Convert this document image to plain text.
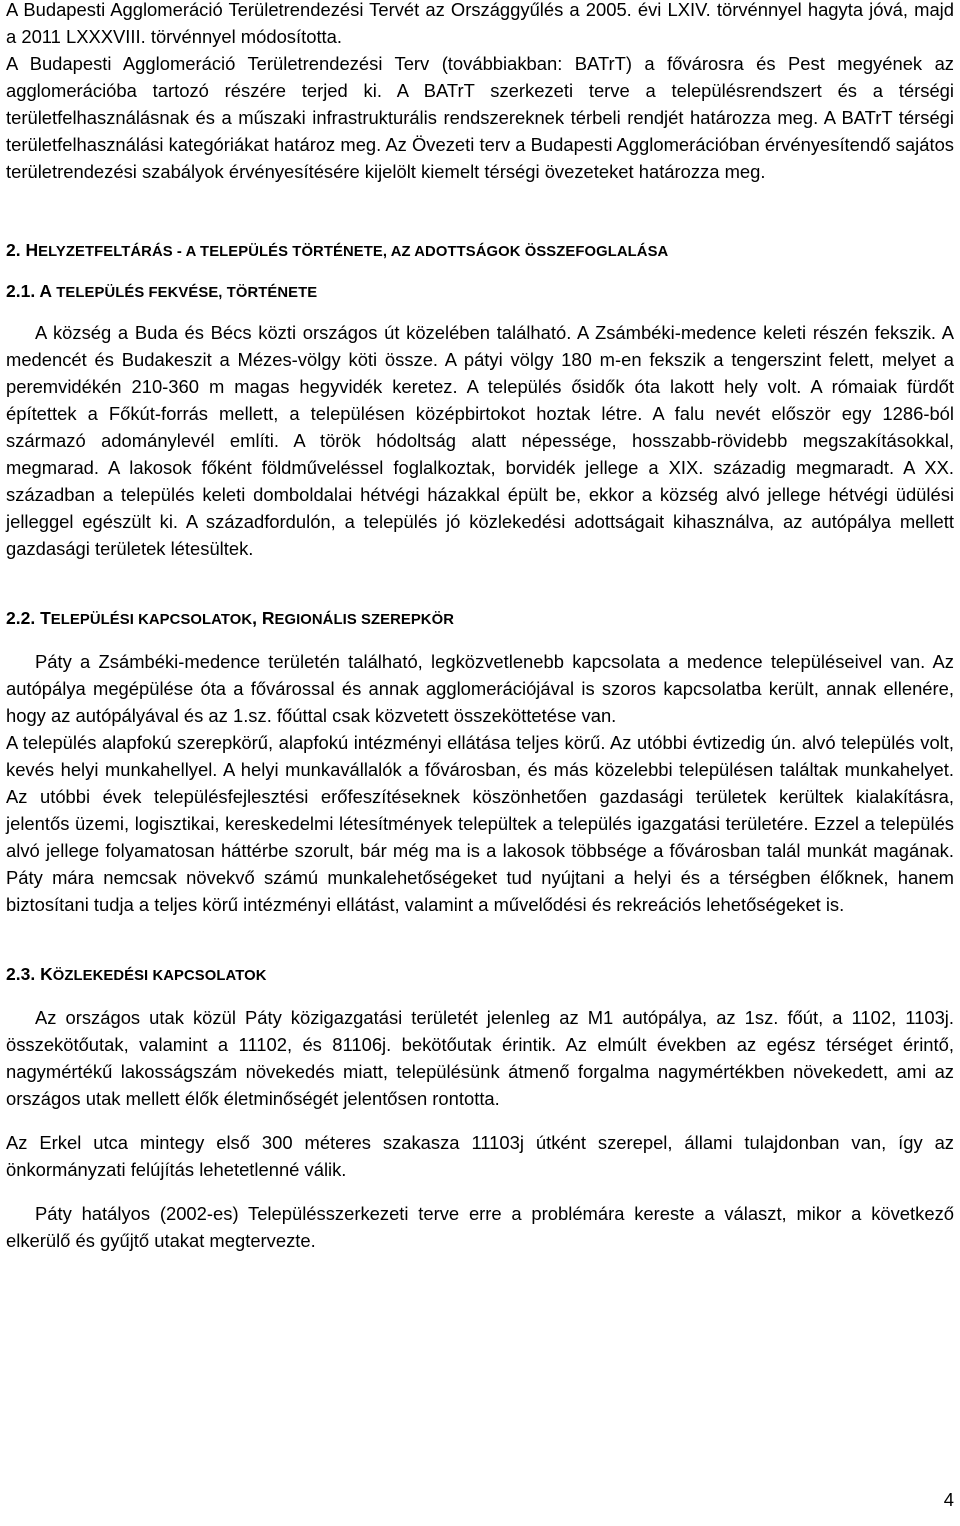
A Budapesti Agglomeráció Területrendezési Tervét az Országgyűlés a 2005. évi LXIV. törvénnyel hagyta jóvá, majd a 2011 LXXXVIII. törvénnyel módosította.

A Budapesti Agglomeráció Területrendezési Terv (továbbiakban: BATrT) a fővárosra és Pest megyének az agglomerációba tartozó részére terjed ki. A BATrT szerkezeti terve a településrendszert és a térségi területfelhasználásnak és a műszaki infrastrukturális rendszereknek térbeli rendjét határozza meg. A BATrT térségi területfelhasználási kategóriákat határoz meg. Az Övezeti terv a Budapesti Agglomerációban érvényesítendő sajátos területrendezési szabályok érvényesítésére kijelölt kiemelt térségi övezeteket határozza meg.

2. HELYZETFELTÁRÁS - A TELEPÜLÉS TÖRTÉNETE, AZ ADOTTSÁGOK ÖSSZEFOGLALÁSA
2.1. A TELEPÜLÉS FEKVÉSE, TÖRTÉNETE

A község a Buda és Bécs közti országos út közelében található. A Zsámbéki-medence keleti részén fekszik. A medencét és Budakeszit a Mézes-völgy köti össze. A pátyi völgy 180 m-en fekszik a tengerszint felett, melyet a peremvidékén 210-360 m magas hegyvidék keretez. A település ősidők óta lakott hely volt. A rómaiak fürdőt építettek a Főkút-forrás mellett, a településen középbirtokot hoztak létre. A falu nevét először egy 1286-ból származó adománylevél említi. A török hódoltság alatt népessége, hosszabb-rövidebb megszakításokkal, megmarad. A lakosok főként földműveléssel foglalkoztak, borvidék jellege a XIX. századig megmaradt. A XX. században a település keleti domboldalai hétvégi házakkal épült be, ekkor a község alvó jellege hétvégi üdülési jelleggel egészült ki. A századfordulón, a település jó közlekedési adottságait kihasználva, az autópálya mellett gazdasági területek létesültek.

2.2. TELEPÜLÉSI KAPCSOLATOK, REGIONÁLIS SZEREPKÖR

Páty a Zsámbéki-medence területén található, legközvetlenebb kapcsolata a medence településeivel van. Az autópálya megépülése óta a fővárossal és annak agglomerációjával is szoros kapcsolatba került, annak ellenére, hogy az autópályával és az 1.sz. főúttal csak közvetett összeköttetése van.

A település alapfokú szerepkörű, alapfokú intézményi ellátása teljes körű. Az utóbbi évtizedig ún. alvó település volt, kevés helyi munkahellyel. A helyi munkavállalók a fővárosban, és más közelebbi településen találtak munkahelyet. Az utóbbi évek településfejlesztési erőfeszítéseknek köszönhetően gazdasági területek kerültek kialakításra, jelentős üzemi, logisztikai, kereskedelmi létesítmények települtek a település igazgatási területére. Ezzel a település alvó jellege folyamatosan háttérbe szorult, bár még ma is a lakosok többsége a fővárosban talál munkát magának. Páty mára nemcsak növekvő számú munkalehetőségeket tud nyújtani a helyi és a térségben élőknek, hanem biztosítani tudja a teljes körű intézményi ellátást, valamint a művelődési és rekreációs lehetőségeket is.

2.3. KÖZLEKEDÉSI KAPCSOLATOK

Az országos utak közül Páty közigazgatási területét jelenleg az M1 autópálya, az 1sz. főút, a 1102, 1103j. összekötőutak, valamint a 11102, és 81106j. bekötőutak érintik. Az elmúlt években az egész térséget érintő, nagymértékű lakosságszám növekedés miatt, településünk átmenő forgalma nagymértékben növekedett, ami az országos utak mellett élők életminőségét jelentősen rontotta.

Az Erkel utca mintegy első 300 méteres szakasza 11103j útként szerepel, állami tulajdonban van, így az önkormányzati felújítás lehetetlenné válik.

Páty hatályos (2002-es) Településszerkezeti terve erre a problémára kereste a választ, mikor a következő elkerülő és gyűjtő utakat megtervezte.

4
